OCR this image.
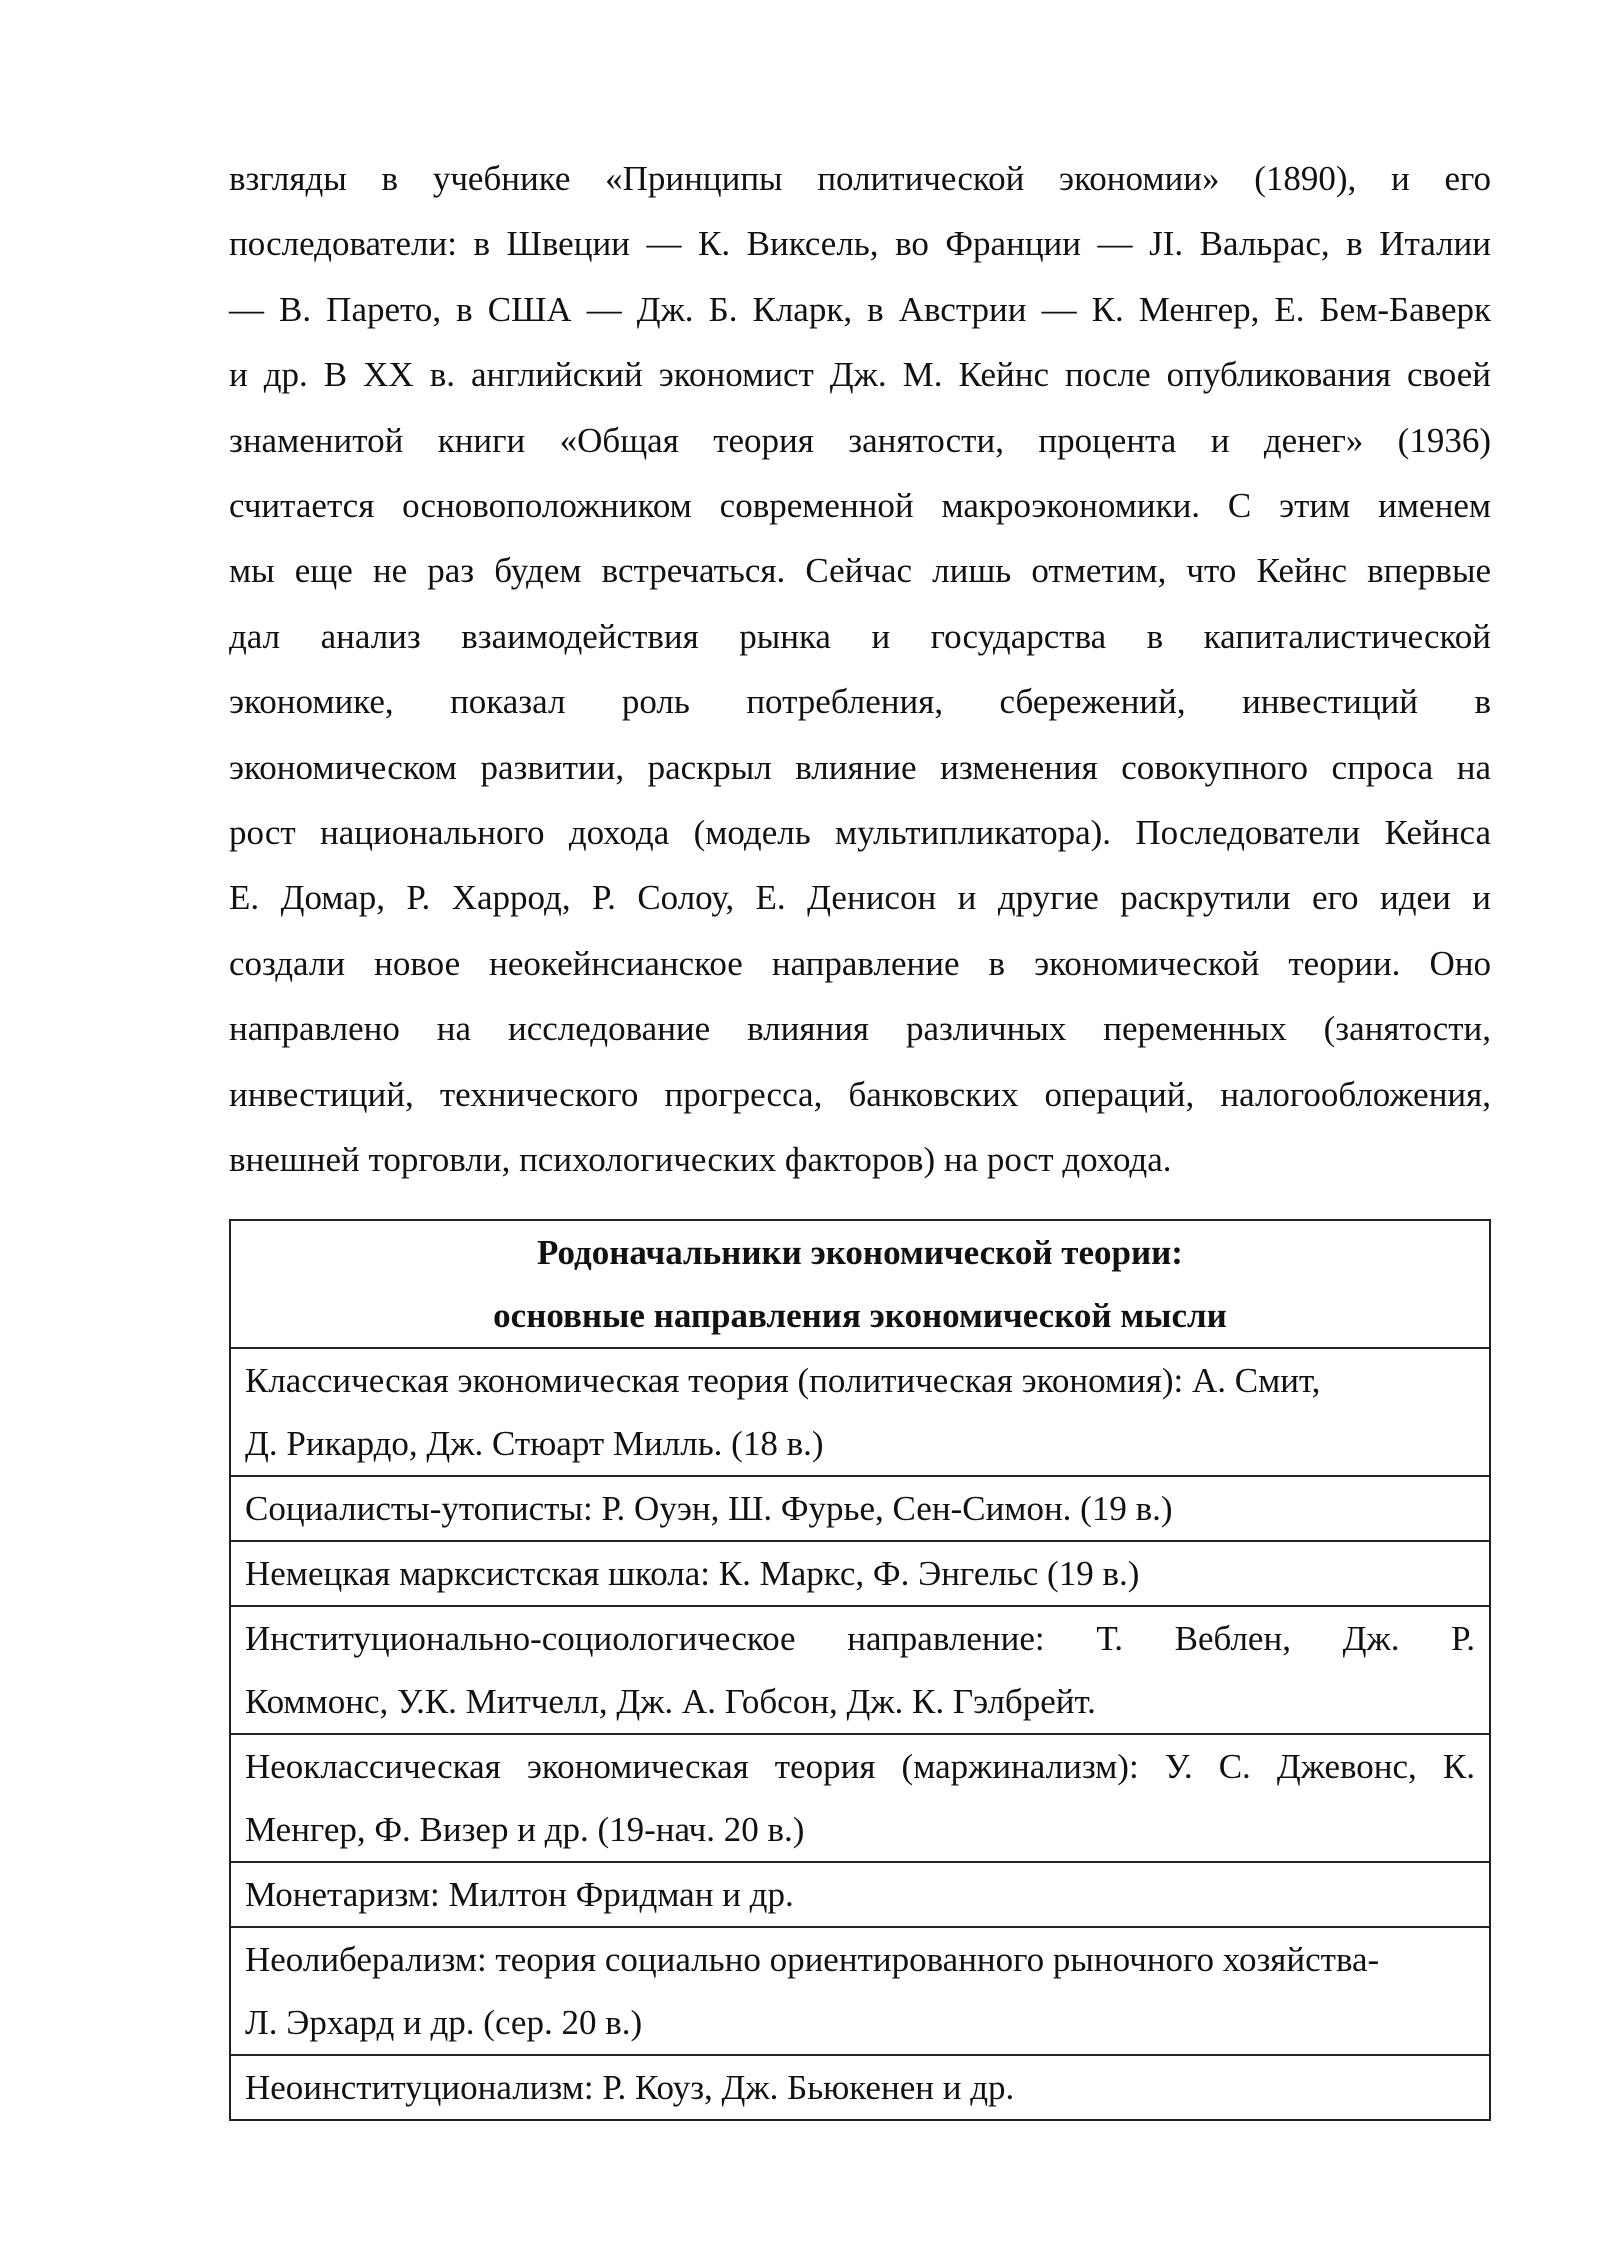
взгляды в учебнике «Принципы политической экономии» (1890), и его
последователи: в Швеции — К. Виксель, во Франции — JI. Вальрас, в Италии
— В. Парето, в США — Дж. Б. Кларк, в Австрии — К. Менгер, Е. Бем-Баверк
и др. В XX в. английский экономист Дж. М. Кейнс после опубликования своей
знаменитой книги «Общая теория занятости, процента и денег» (1936)
считается основоположником современной макроэкономики. С этим именем
мы еще не раз будем встречаться. Сейчас лишь отметим, что Кейнс впервые
дал анализ взаимодействия рынка и государства в капиталистической
экономике, показал роль потребления, сбережений, инвестиций в
экономическом развитии, раскрыл влияние изменения совокупного спроса на
рост национального дохода (модель мультипликатора). Последователи Кейнса
Е. Домар, Р. Харрод, Р. Солоу, Е. Денисон и другие раскрутили его идеи и
создали новое неокейнсианское направление в экономической теории. Оно
направлено на исследование влияния различных переменных (занятости,
инвестиций, технического прогресса, банковских операций, налогообложения,
внешней торговли, психологических факторов) на рост дохода.
Родоначальники экономической теории:
основные направления экономической мысли
Классическая экономическая теория (политическая экономия): А. Смит,
Д. Рикардо, Дж. Стюарт Милль. (18 в.)
Социалисты-утописты: Р. Оуэн, Ш. Фурье, Сен-Симон. (19 в.)
Немецкая марксистская школа: К. Маркс, Ф. Энгельс (19 в.)
Институционально-социологическое направление: Т. Веблен, Дж. Р.
Коммонс, У.К. Митчелл, Дж. А. Гобсон, Дж. К. Гэлбрейт.
Неоклассическая экономическая теория (маржинализм): У. С. Джевонс, К.
Менгер, Ф. Визер и др. (19-нач. 20 в.)
Монетаризм: Милтон Фридман и др.
Неолиберализм: теория социально ориентированного рыночного хозяйства-
Л. Эрхард и др. (сер. 20 в.)
Неоинституционализм: Р. Коуз, Дж. Бьюкенен и др.
